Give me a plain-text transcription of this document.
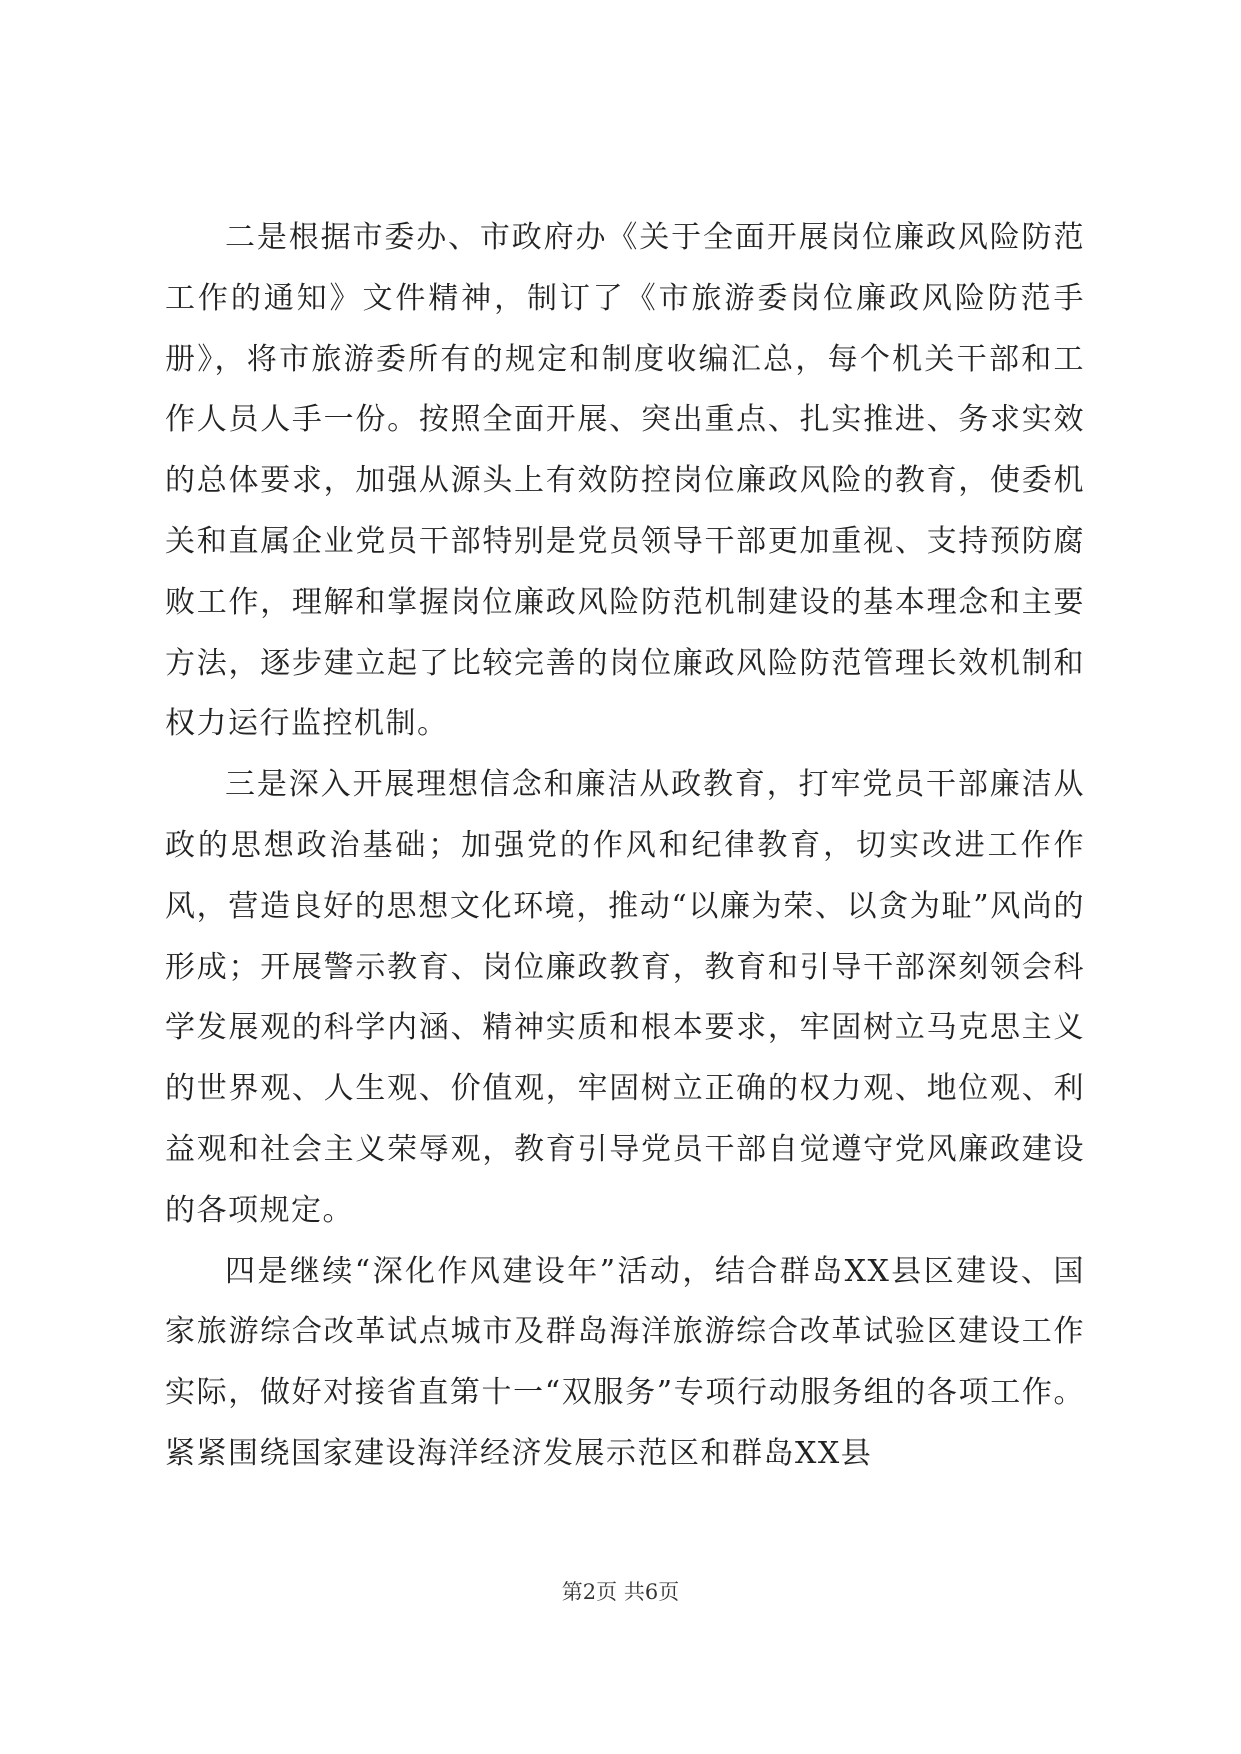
二是根据市委办、市政府办《关于全面开展岗位廉政风险防范工作的通知》文件精神，制订了《市旅游委岗位廉政风险防范手册》，将市旅游委所有的规定和制度收编汇总，每个机关干部和工作人员人手一份。按照全面开展、突出重点、扎实推进、务求实效的总体要求，加强从源头上有效防控岗位廉政风险的教育，使委机关和直属企业党员干部特别是党员领导干部更加重视、支持预防腐败工作，理解和掌握岗位廉政风险防范机制建设的基本理念和主要方法，逐步建立起了比较完善的岗位廉政风险防范管理长效机制和权力运行监控机制。

三是深入开展理想信念和廉洁从政教育，打牢党员干部廉洁从政的思想政治基础；加强党的作风和纪律教育，切实改进工作作风，营造良好的思想文化环境，推动“以廉为荣、以贪为耻”风尚的形成；开展警示教育、岗位廉政教育，教育和引导干部深刻领会科学发展观的科学内涵、精神实质和根本要求，牢固树立马克思主义的世界观、人生观、价值观，牢固树立正确的权力观、地位观、利益观和社会主义荣辱观，教育引导党员干部自觉遵守党风廉政建设的各项规定。

四是继续“深化作风建设年”活动，结合群岛XX县区建设、国家旅游综合改革试点城市及群岛海洋旅游综合改革试验区建设工作实际，做好对接省直第十一“双服务”专项行动服务组的各项工作。紧紧围绕国家建设海洋经济发展示范区和群岛XX县

第2页 共6页
